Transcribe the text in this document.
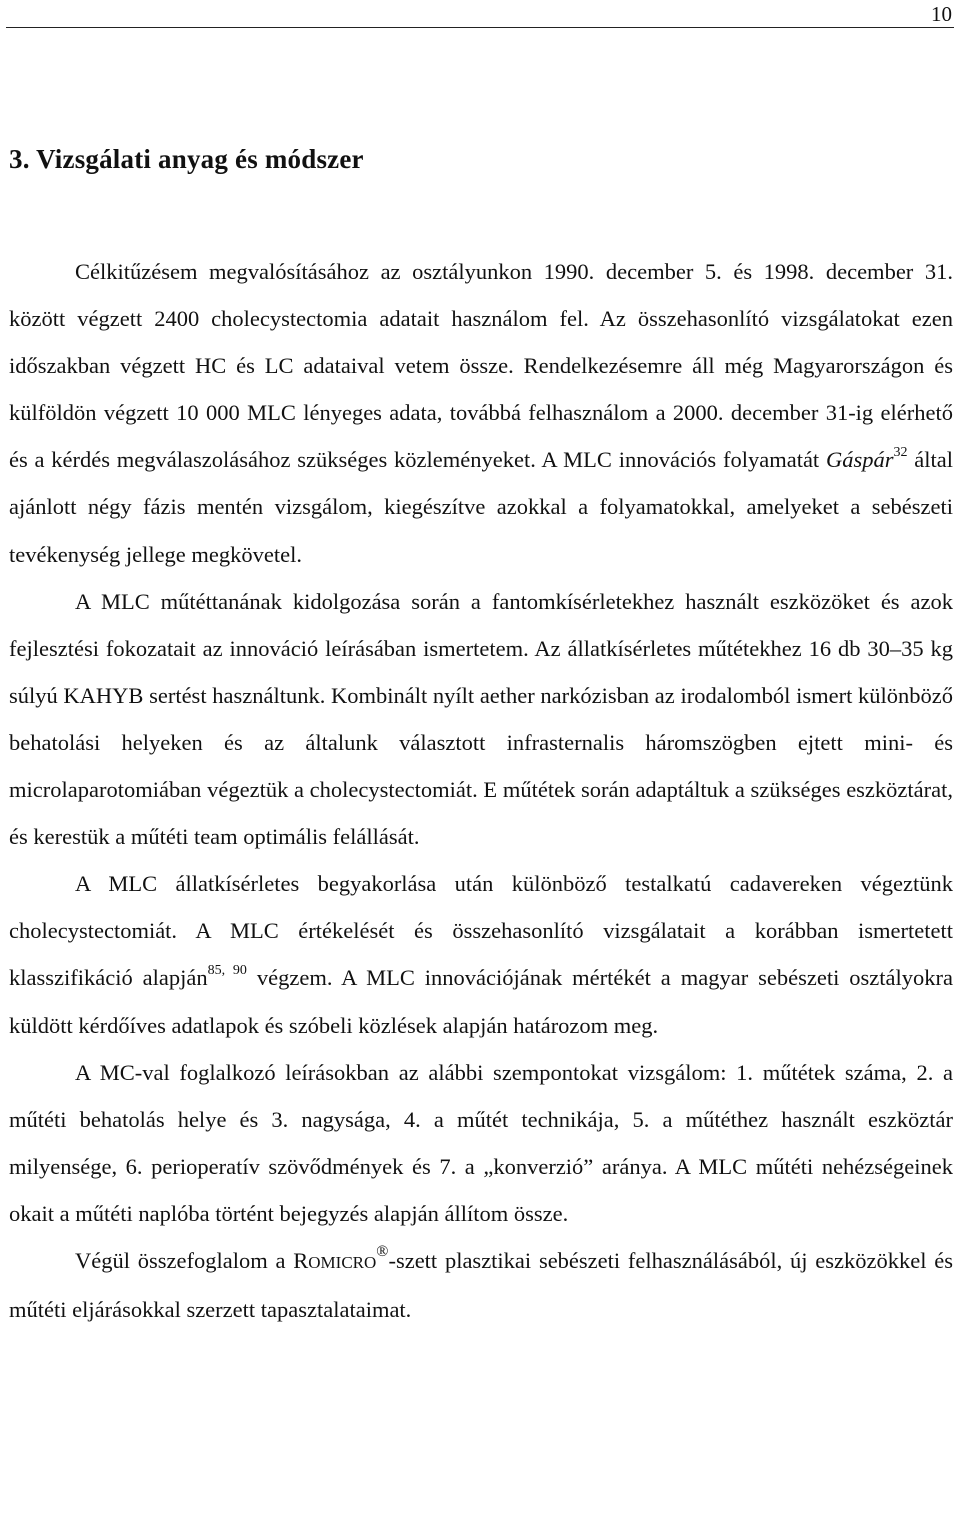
10
3. Vizsgálati anyag és módszer

Célkitűzésem megvalósításához az osztályunkon 1990. december 5. és 1998. december 31. között végzett 2400 cholecystectomia adatait használom fel. Az összehasonlító vizsgálatokat ezen időszakban végzett HC és LC adataival vetem össze. Rendelkezésemre áll még Magyarországon és külföldön végzett 10 000 MLC lényeges adata, továbbá felhasználom a 2000. december 31-ig elérhető és a kérdés megválaszolásához szükséges közleményeket. A MLC innovációs folyamatát Gáspár$^{32}$ által ajánlott négy fázis mentén vizsgálom, kiegészítve azokkal a folyamatokkal, amelyeket a sebészeti tevékenység jellege megkövetel.

A MLC műtéttanának kidolgozása során a fantomkísérletekhez használt eszközöket és azok fejlesztési fokozatait az innováció leírásában ismertetem. Az állatkísérletes műtétekhez 16 db 30–35 kg súlyú KAHYB sertést használtunk. Kombinált nyílt aether narkózisban az irodalomból ismert különböző behatolási helyeken és az általunk választott infrasternalis háromszögben ejtett mini- és microlaparotomiában végeztük a cholecystectomiát. E műtétek során adaptáltuk a szükséges eszköztárat, és kerestük a műtéti team optimális felállását.

A MLC állatkísérletes begyakorlása után különböző testalkatú cadavereken végeztünk cholecystectomiát. A MLC értékelését és összehasonlító vizsgálatait a korábban ismertetett klasszifikáció alapján$^{85, 90}$ végzem. A MLC innovációjának mértékét a magyar sebészeti osztályokra küldött kérdőíves adatlapok és szóbeli közlések alapján határozom meg.

A MC-val foglalkozó leírásokban az alábbi szempontokat vizsgálom: 1. műtétek száma, 2. a műtéti behatolás helye és 3. nagysága, 4. a műtét technikája, 5. a műtéthez használt eszköztár milyensége, 6. perioperatív szövődmények és 7. a „konverzió” aránya. A MLC műtéti nehézségeinek okait a műtéti naplóba történt bejegyzés alapján állítom össze.

Végül összefoglalom a ROMICRO®-szett plasztikai sebészeti felhasználásából, új eszközökkel és műtéti eljárásokkal szerzett tapasztalataimat.
